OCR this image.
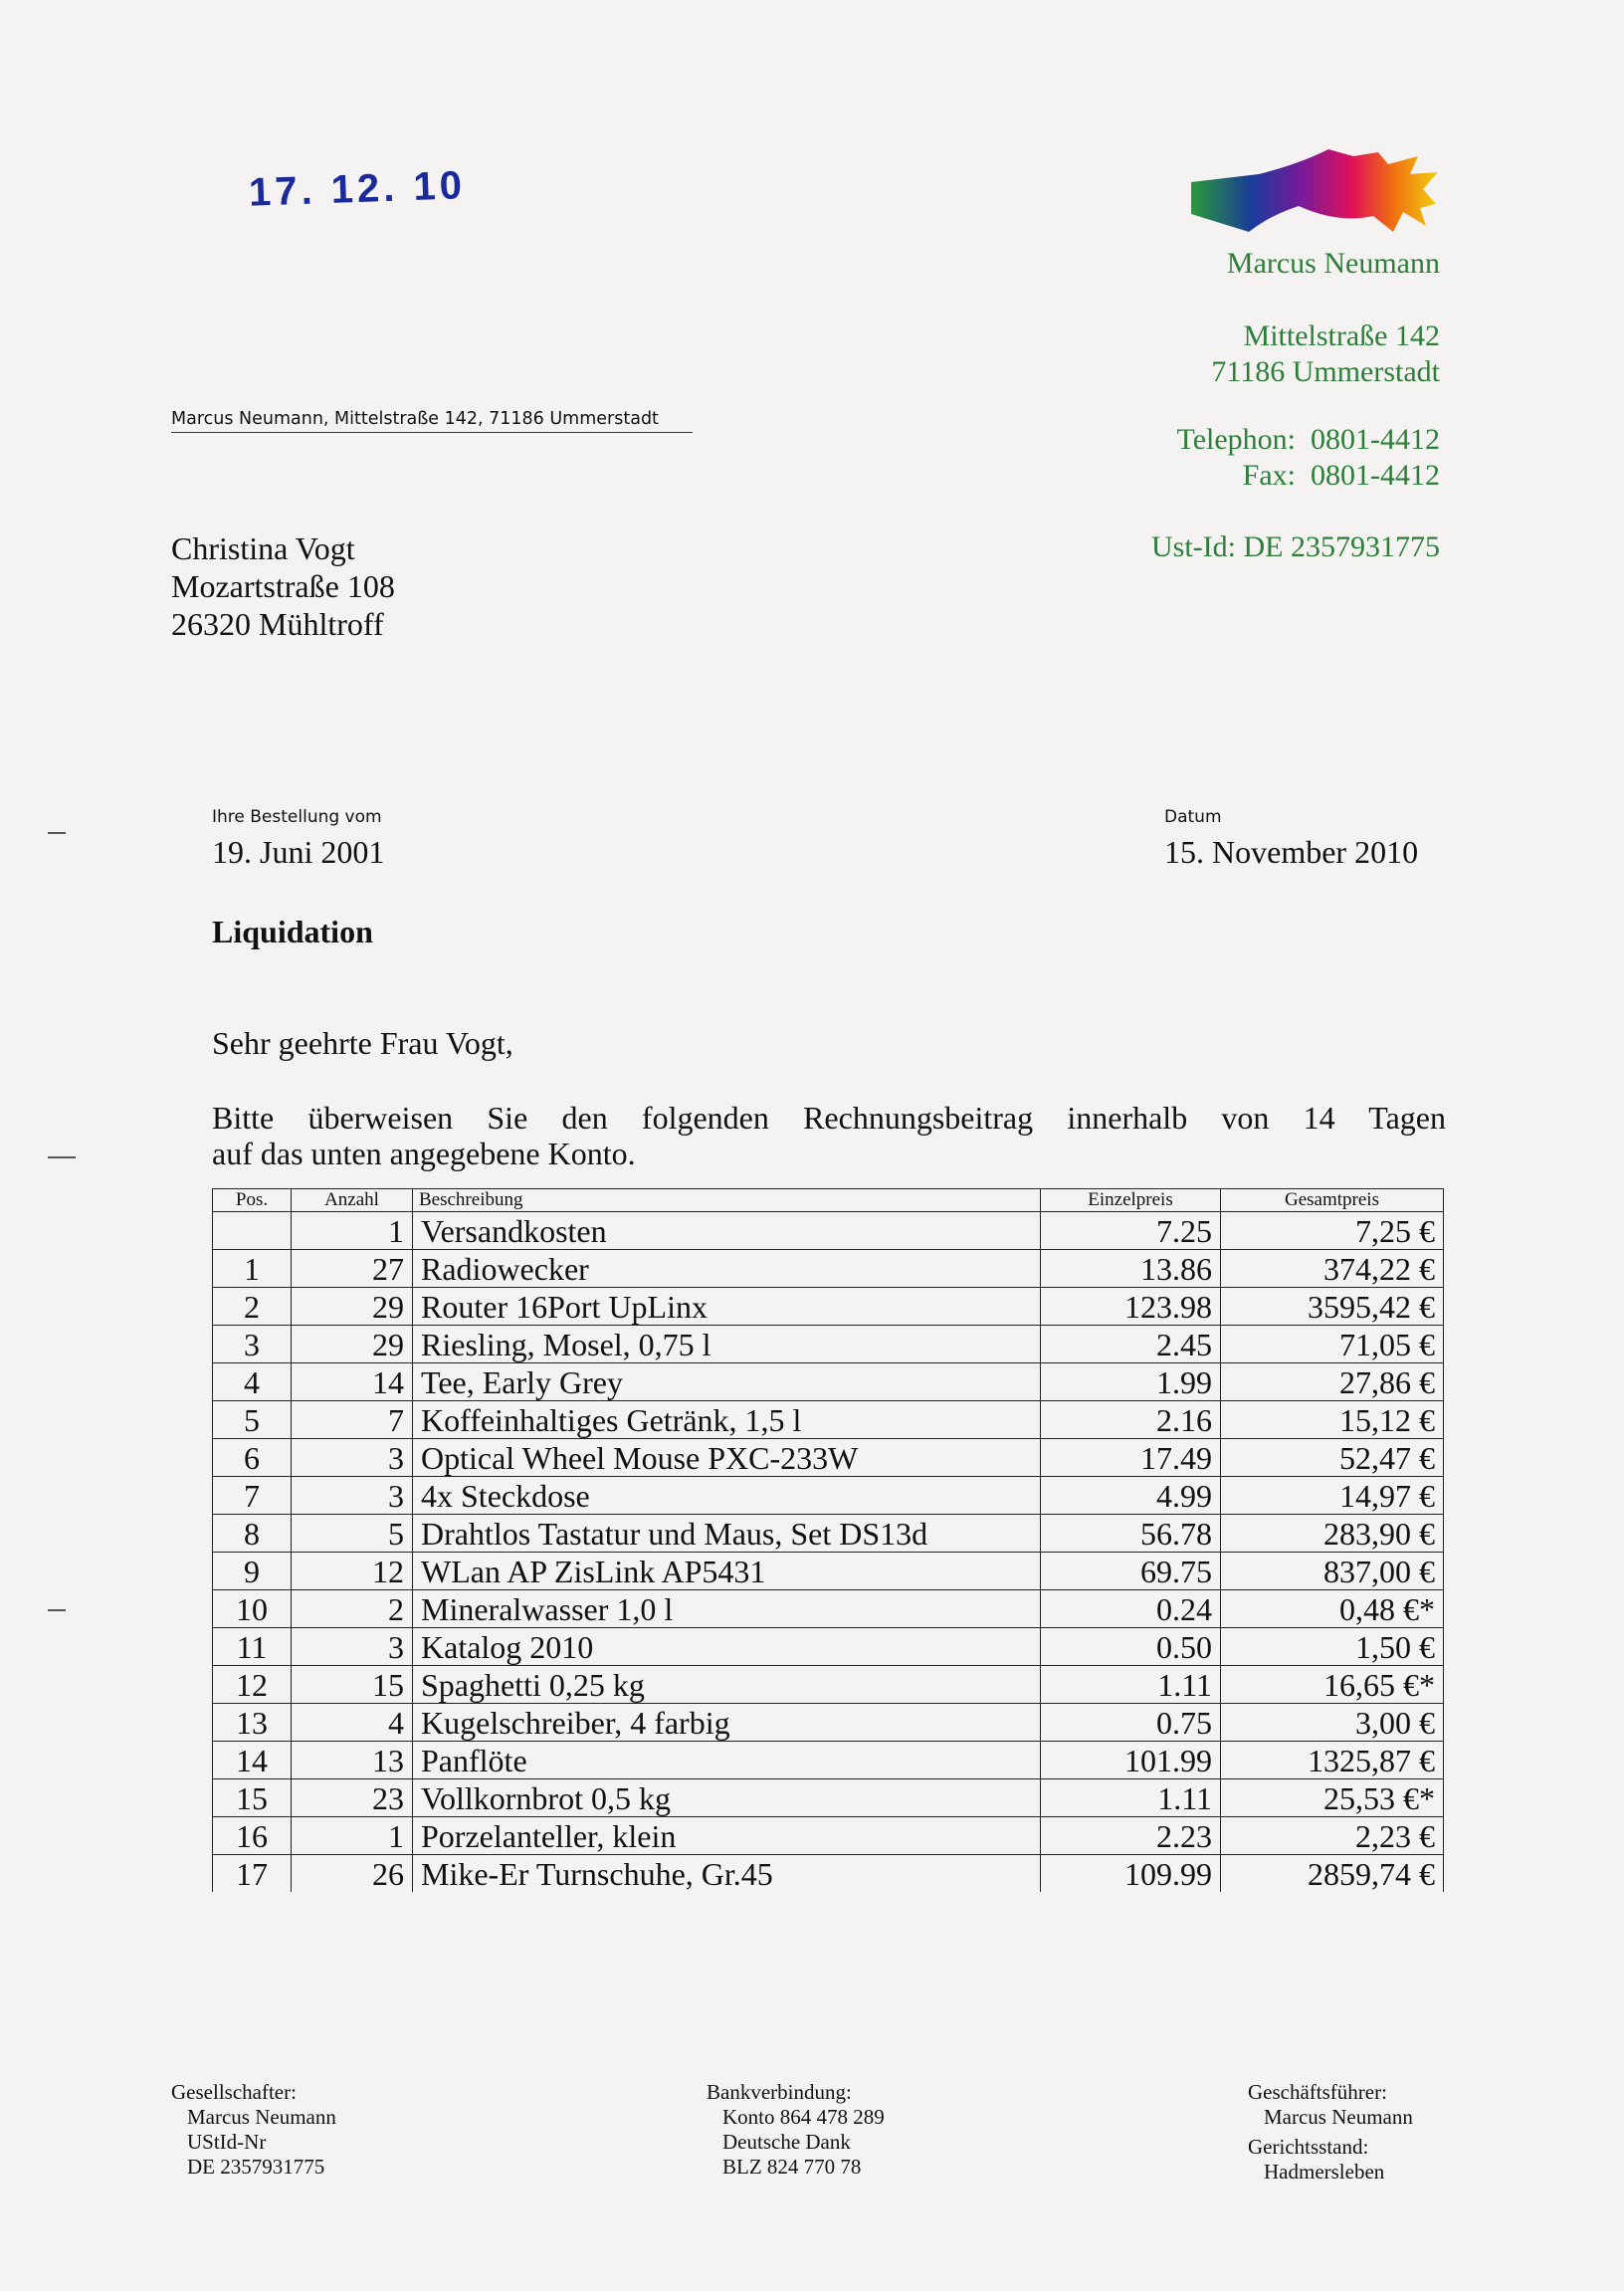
17. 12. 10
Marcus Neumann
Mittelstraße 142
71186 Ummerstadt
Telephon:  0801-4412
Fax:  0801-4412
Ust-Id: DE 2357931775
Marcus Neumann, Mittelstraße 142, 71186 Ummerstadt
Christina Vogt
Mozartstraße 108
26320 Mühltroff
Ihre Bestellung vom
19. Juni 2001
Datum
15. November 2010
Liquidation
Sehr geehrte Frau Vogt,
Bitte überweisen Sie den folgenden Rechnungsbeitrag innerhalb von 14 Tagen
auf das unten angegebene Konto.
Pos.	Anzahl	Beschreibung	Einzelpreis	Gesamtpreis
	1	Versandkosten	7.25	7,25 €
1	27	Radiowecker	13.86	374,22 €
2	29	Router 16Port UpLinx	123.98	3595,42 €
3	29	Riesling, Mosel, 0,75 l	2.45	71,05 €
4	14	Tee, Early Grey	1.99	27,86 €
5	7	Koffeinhaltiges Getränk, 1,5 l	2.16	15,12 €
6	3	Optical Wheel Mouse PXC-233W	17.49	52,47 €
7	3	4x Steckdose	4.99	14,97 €
8	5	Drahtlos Tastatur und Maus, Set DS13d	56.78	283,90 €
9	12	WLan AP ZisLink AP5431	69.75	837,00 €
10	2	Mineralwasser 1,0 l	0.24	0,48 €*
11	3	Katalog 2010	0.50	1,50 €
12	15	Spaghetti 0,25 kg	1.11	16,65 €*
13	4	Kugelschreiber, 4 farbig	0.75	3,00 €
14	13	Panflöte	101.99	1325,87 €
15	23	Vollkornbrot 0,5 kg	1.11	25,53 €*
16	1	Porzelanteller, klein	2.23	2,23 €
17	26	Mike-Er Turnschuhe, Gr.45	109.99	2859,74 €
Gesellschafter:
Marcus Neumann
UStId-Nr
DE 2357931775
Bankverbindung:
Konto 864 478 289
Deutsche Dank
BLZ 824 770 78
Geschäftsführer:
Marcus Neumann
Gerichtsstand:
Hadmersleben
